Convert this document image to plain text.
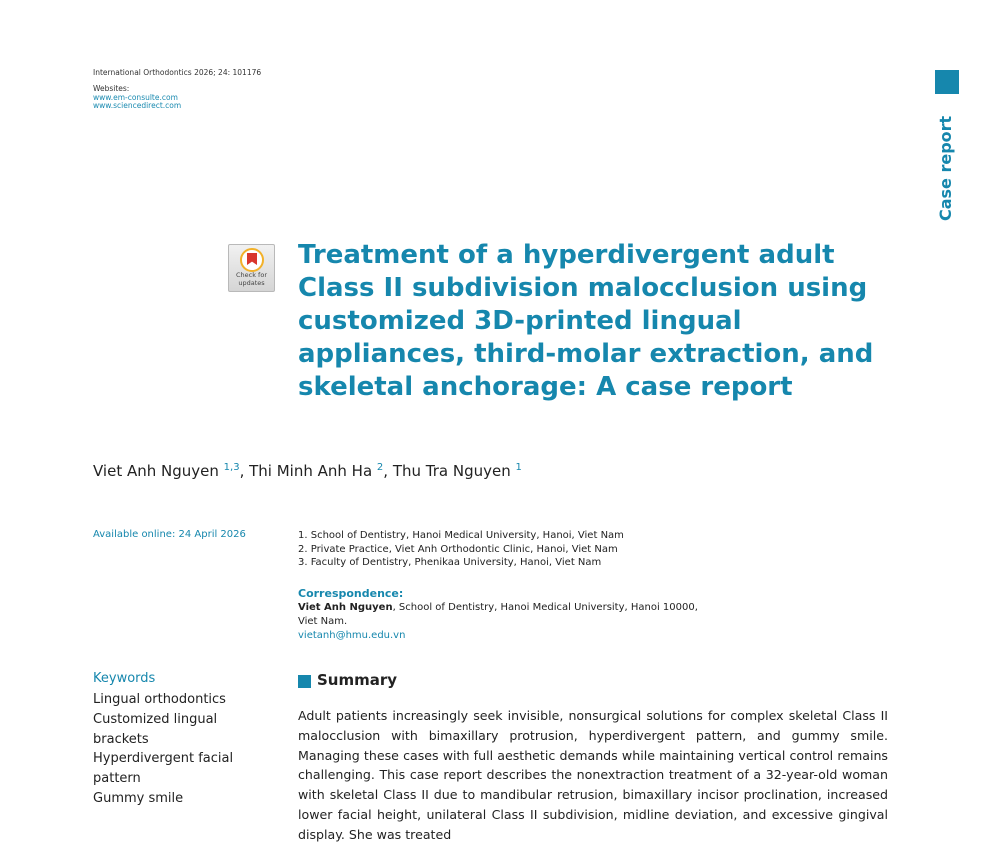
International Orthodontics 2026; 24: 101176
Websites:
www.em-consulte.com
www.sciencedirect.com
Case report
Check for
updates
Treatment of a hyperdivergent adult Class II subdivision malocclusion using customized 3D-printed lingual appliances, third-molar extraction, and skeletal anchorage: A case report
Viet Anh Nguyen $^{1,3}$, Thi Minh Anh Ha $^2$, Thu Tra Nguyen $^1$
Available online: 24 April 2026	1. School of Dentistry, Hanoi Medical University, Hanoi, Viet Nam
2. Private Practice, Viet Anh Orthodontic Clinic, Hanoi, Viet Nam
3. Faculty of Dentistry, Phenikaa University, Hanoi, Viet Nam
Correspondence:
Viet Anh Nguyen, School of Dentistry, Hanoi Medical University, Hanoi 10000, Viet Nam.
vietanh@hmu.edu.vn
Keywords
Lingual orthodontics
Customized lingual brackets
Hyperdivergent facial pattern
Gummy smile
Summary
Adult patients increasingly seek invisible, nonsurgical solutions for complex skeletal Class II malocclusion with bimaxillary protrusion, hyperdivergent pattern, and gummy smile. Managing these cases with full aesthetic demands while maintaining vertical control remains challenging. This case report describes the nonextraction treatment of a 32-year-old woman with skeletal Class II due to mandibular retrusion, bimaxillary incisor proclination, increased lower facial height, unilateral Class II subdivision, midline deviation, and excessive gingival display. She was treated
